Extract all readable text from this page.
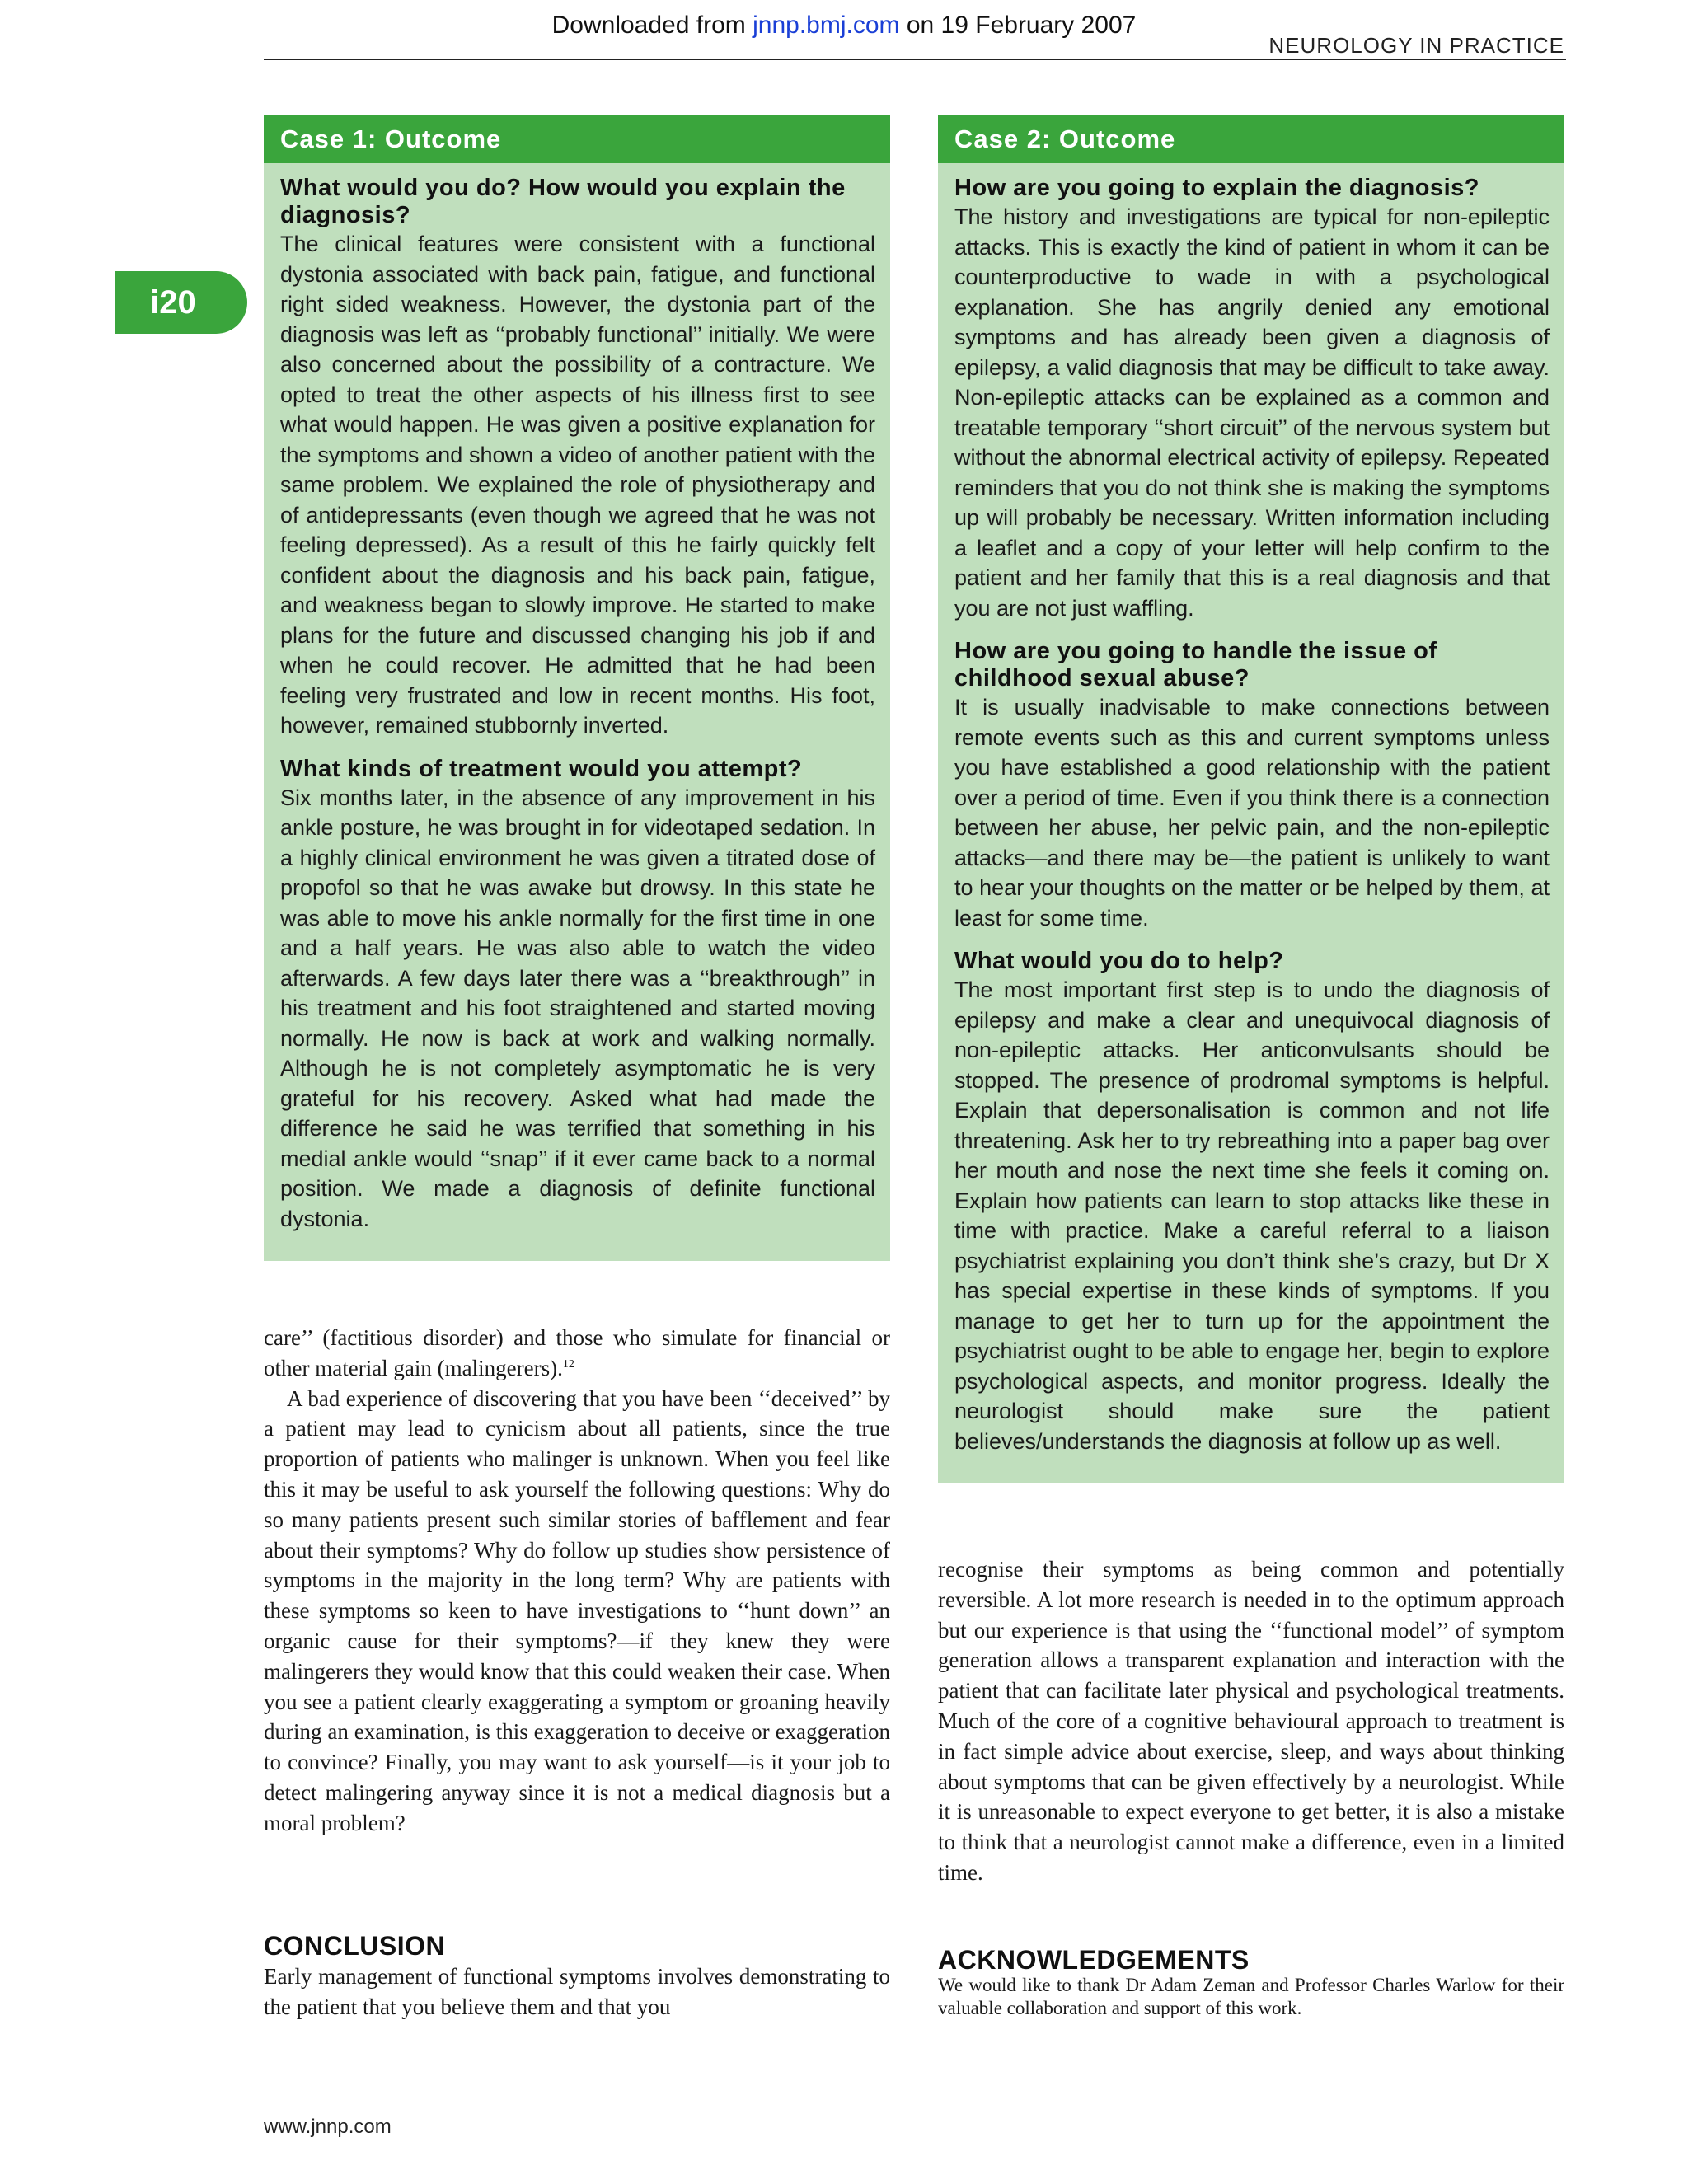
Downloaded from jnnp.bmj.com on 19 February 2007
NEUROLOGY IN PRACTICE
i20
Case 1: Outcome
What would you do? How would you explain the diagnosis?

The clinical features were consistent with a functional dystonia associated with back pain, fatigue, and functional right sided weakness. However, the dystonia part of the diagnosis was left as ‘‘probably functional’’ initially. We were also concerned about the possibility of a contracture. We opted to treat the other aspects of his illness first to see what would happen. He was given a positive explanation for the symptoms and shown a video of another patient with the same problem. We explained the role of physiotherapy and of antidepressants (even though we agreed that he was not feeling depressed). As a result of this he fairly quickly felt confident about the diagnosis and his back pain, fatigue, and weakness began to slowly improve. He started to make plans for the future and discussed changing his job if and when he could recover. He admitted that he had been feeling very frustrated and low in recent months. His foot, however, remained stubbornly inverted.

What kinds of treatment would you attempt?

Six months later, in the absence of any improvement in his ankle posture, he was brought in for videotaped sedation. In a highly clinical environment he was given a titrated dose of propofol so that he was awake but drowsy. In this state he was able to move his ankle normally for the first time in one and a half years. He was also able to watch the video afterwards. A few days later there was a ‘‘breakthrough’’ in his treatment and his foot straightened and started moving normally. He now is back at work and walking normally. Although he is not completely asymptomatic he is very grateful for his recovery. Asked what had made the difference he said he was terrified that something in his medial ankle would ‘‘snap’’ if it ever came back to a normal position. We made a diagnosis of definite functional dystonia.

Case 2: Outcome
How are you going to explain the diagnosis?

The history and investigations are typical for non-epileptic attacks. This is exactly the kind of patient in whom it can be counterproductive to wade in with a psychological explanation. She has angrily denied any emotional symptoms and has already been given a diagnosis of epilepsy, a valid diagnosis that may be difficult to take away. Non-epileptic attacks can be explained as a common and treatable temporary ‘‘short circuit’’ of the nervous system but without the abnormal electrical activity of epilepsy. Repeated reminders that you do not think she is making the symptoms up will probably be necessary. Written information including a leaflet and a copy of your letter will help confirm to the patient and her family that this is a real diagnosis and that you are not just waffling.

How are you going to handle the issue of childhood sexual abuse?

It is usually inadvisable to make connections between remote events such as this and current symptoms unless you have established a good relationship with the patient over a period of time. Even if you think there is a connection between her abuse, her pelvic pain, and the non-epileptic attacks—and there may be—the patient is unlikely to want to hear your thoughts on the matter or be helped by them, at least for some time.

What would you do to help?

The most important first step is to undo the diagnosis of epilepsy and make a clear and unequivocal diagnosis of non-epileptic attacks. Her anticonvulsants should be stopped. The presence of prodromal symptoms is helpful. Explain that depersonalisation is common and not life threatening. Ask her to try rebreathing into a paper bag over her mouth and nose the next time she feels it coming on. Explain how patients can learn to stop attacks like these in time with practice. Make a careful referral to a liaison psychiatrist explaining you don’t think she’s crazy, but Dr X has special expertise in these kinds of symptoms. If you manage to get her to turn up for the appointment the psychiatrist ought to be able to engage her, begin to explore psychological aspects, and monitor progress. Ideally the neurologist should make sure the patient believes/understands the diagnosis at follow up as well.

care’’ (factitious disorder) and those who simulate for financial or other material gain (malingerers).$^{12}$

A bad experience of discovering that you have been ‘‘deceived’’ by a patient may lead to cynicism about all patients, since the true proportion of patients who malinger is unknown. When you feel like this it may be useful to ask yourself the following questions: Why do so many patients present such similar stories of bafflement and fear about their symptoms? Why do follow up studies show persistence of symptoms in the majority in the long term? Why are patients with these symptoms so keen to have investigations to ‘‘hunt down’’ an organic cause for their symptoms?—if they knew they were malingerers they would know that this could weaken their case. When you see a patient clearly exaggerating a symptom or groaning heavily during an examination, is this exaggeration to deceive or exaggeration to convince? Finally, you may want to ask yourself—is it your job to detect malingering anyway since it is not a medical diagnosis but a moral problem?

CONCLUSION
Early management of functional symptoms involves demonstrating to the patient that you believe them and that you
recognise their symptoms as being common and potentially reversible. A lot more research is needed in to the optimum approach but our experience is that using the ‘‘functional model’’ of symptom generation allows a transparent explanation and interaction with the patient that can facilitate later physical and psychological treatments. Much of the core of a cognitive behavioural approach to treatment is in fact simple advice about exercise, sleep, and ways about thinking about symptoms that can be given effectively by a neurologist. While it is unreasonable to expect everyone to get better, it is also a mistake to think that a neurologist cannot make a difference, even in a limited time.
ACKNOWLEDGEMENTS
We would like to thank Dr Adam Zeman and Professor Charles Warlow for their valuable collaboration and support of this work.
www.jnnp.com
